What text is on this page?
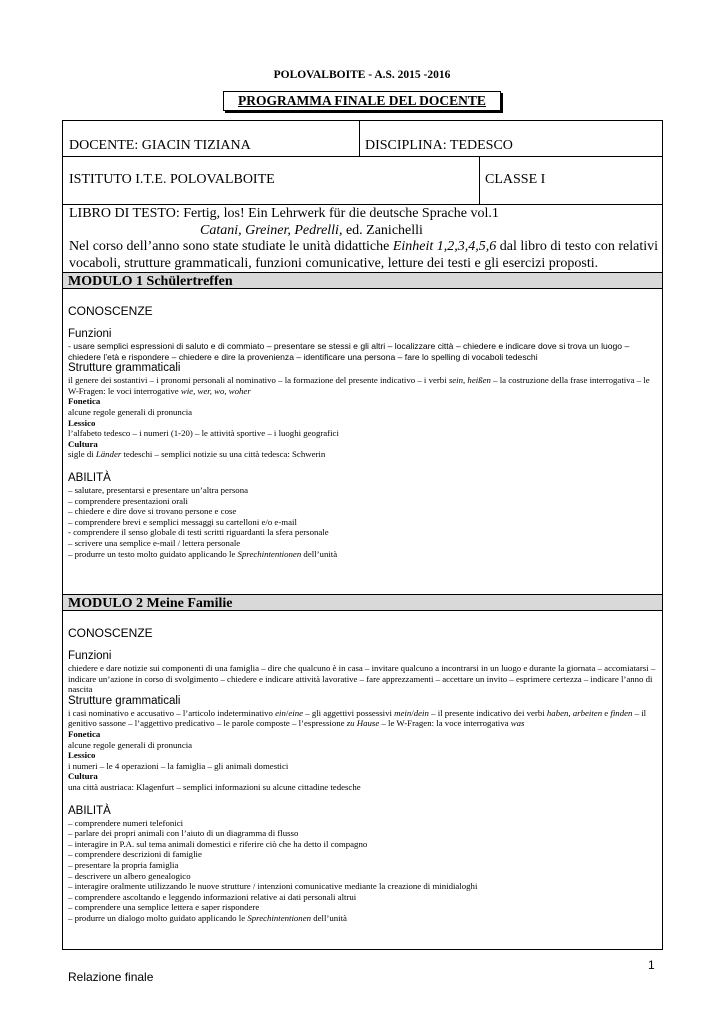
POLOVALBOITE - A.S. 2015 -2016
PROGRAMMA FINALE DEL DOCENTE
DOCENTE: GIACIN TIZIANA	DISCIPLINA: TEDESCO
ISTITUTO I.T.E. POLOVALBOITE	CLASSE I
LIBRO DI TESTO: Fertig, los! Ein Lehrwerk für die deutsche Sprache vol.1
Catani, Greiner, Pedrelli, ed. Zanichelli
Nel corso dell’anno sono state studiate le unità didattiche Einheit 1,2,3,4,5,6 dal libro di testo con relativi vocaboli, strutture grammaticali, funzioni comunicative, letture dei testi e gli esercizi proposti.
MODULO 1 Schülertreffen
CONOSCENZE
Funzioni
- usare semplici espressioni di saluto e di commiato – presentare se stessi e gli altri – localizzare città – chiedere e indicare dove si trova un luogo – chiedere l’età e rispondere – chiedere e dire la provenienza – identificare una persona – fare lo spelling di vocaboli tedeschi
Strutture grammaticali
il genere dei sostantivi – i pronomi personali al nominativo – la formazione del presente indicativo – i verbi sein, heißen – la costruzione della frase interrogativa – le W-Fragen: le voci interrogative wie, wer, wo, woher
Fonetica
alcune regole generali di pronuncia
Lessico
l’alfabeto tedesco – i numeri (1-20) – le attività sportive – i luoghi geografici
Cultura
sigle di Länder tedeschi – semplici notizie su una città tedesca: Schwerin
ABILITÀ
– salutare, presentarsi e presentare un’altra persona
– comprendere presentazioni orali
– chiedere e dire dove si trovano persone e cose
– comprendere brevi e semplici messaggi su cartelloni e/o e-mail
- comprendere il senso globale di testi scritti riguardanti la sfera personale
– scrivere una semplice e-mail / lettera personale
– produrre un testo molto guidato applicando le Sprechintentionen dell’unità
MODULO 2 Meine Familie
CONOSCENZE
Funzioni
chiedere e dare notizie sui componenti di una famiglia – dire che qualcuno è in casa – invitare qualcuno a incontrarsi in un luogo e durante la giornata – accomiatarsi – indicare un’azione in corso di svolgimento – chiedere e indicare attività lavorative – fare apprezzamenti – accettare un invito – esprimere certezza – indicare l’anno di nascita
Strutture grammaticali
i casi nominativo e accusativo – l’articolo indeterminativo ein/eine – gli aggettivi possessivi mein/dein – il presente indicativo dei verbi haben, arbeiten e finden – il genitivo sassone – l’aggettivo predicativo – le parole composte – l’espressione zu Hause – le W-Fragen: la voce interrogativa was
Fonetica
alcune regole generali di pronuncia
Lessico
i numeri – le 4 operazioni – la famiglia – gli animali domestici
Cultura
una città austriaca: Klagenfurt – semplici informazioni su alcune cittadine tedesche
ABILITÀ
– comprendere numeri telefonici
– parlare dei propri animali con l’aiuto di un diagramma di flusso
– interagire in P.A. sul tema animali domestici e riferire ciò che ha detto il compagno
– comprendere descrizioni di famiglie
– presentare la propria famiglia
– descrivere un albero genealogico
– interagire oralmente utilizzando le nuove strutture / intenzioni comunicative mediante la creazione di minidialoghi
– comprendere ascoltando e leggendo informazioni relative ai dati personali altrui
– comprendere una semplice lettera e saper rispondere
– produrre un dialogo molto guidato applicando le Sprechintentionen dell’unità
1
Relazione finale
